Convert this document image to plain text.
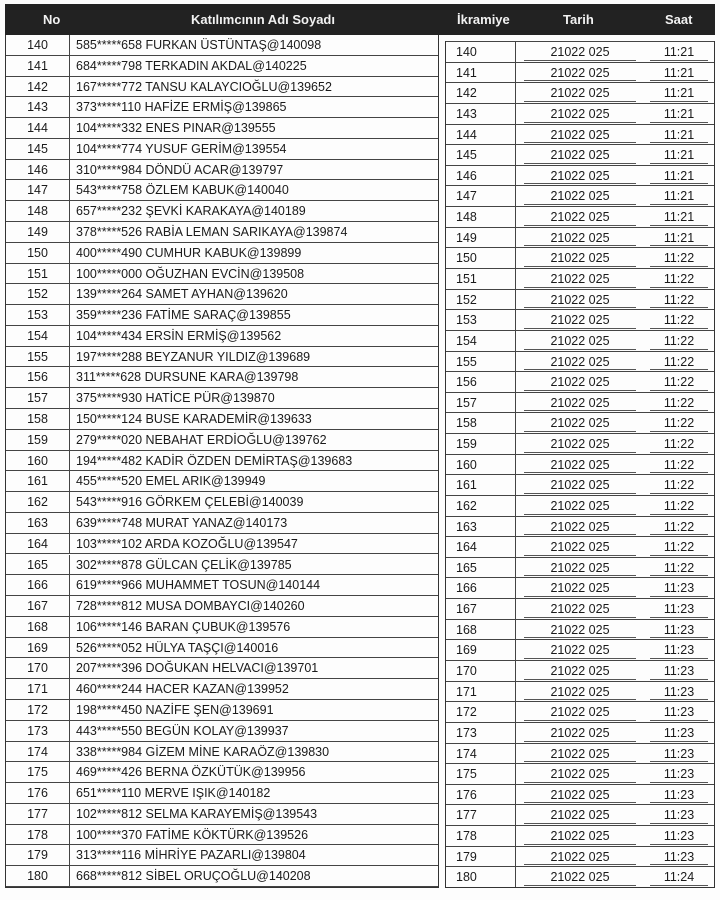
No	Katılımcının Adı Soyadı	İkramiye	Tarih	Saat
140	585*****658 FURKAN ÜSTÜNTAŞ@140098
141	684*****798 TERKADIN AKDAL@140225
142	167*****772 TANSU KALAYCIOĞLU@139652
143	373*****110 HAFİZE ERMİŞ@139865
144	104*****332 ENES PINAR@139555
145	104*****774 YUSUF GERİM@139554
146	310*****984 DÖNDÜ ACAR@139797
147	543*****758 ÖZLEM KABUK@140040
148	657*****232 ŞEVKİ KARAKAYA@140189
149	378*****526 RABİA LEMAN SARIKAYA@139874
150	400*****490 CUMHUR KABUK@139899
151	100*****000 OĞUZHAN EVCİN@139508
152	139*****264 SAMET AYHAN@139620
153	359*****236 FATİME SARAÇ@139855
154	104*****434 ERSİN ERMİŞ@139562
155	197*****288 BEYZANUR YILDIZ@139689
156	311*****628 DURSUNE KARA@139798
157	375*****930 HATİCE PÜR@139870
158	150*****124 BUSE KARADEMİR@139633
159	279*****020 NEBAHAT ERDİOĞLU@139762
160	194*****482 KADİR ÖZDEN DEMİRTAŞ@139683
161	455*****520 EMEL ARIK@139949
162	543*****916 GÖRKEM ÇELEBİ@140039
163	639*****748 MURAT YANAZ@140173
164	103*****102 ARDA KOZOĞLU@139547
165	302*****878 GÜLCAN ÇELİK@139785
166	619*****966 MUHAMMET TOSUN@140144
167	728*****812 MUSA DOMBAYCI@140260
168	106*****146 BARAN ÇUBUK@139576
169	526*****052 HÜLYA TAŞÇI@140016
170	207*****396 DOĞUKAN HELVACI@139701
171	460*****244 HACER KAZAN@139952
172	198*****450 NAZİFE ŞEN@139691
173	443*****550 BEGÜN KOLAY@139937
174	338*****984 GİZEM MİNE KARAÖZ@139830
175	469*****426 BERNA ÖZKÜTÜK@139956
176	651*****110 MERVE IŞIK@140182
177	102*****812 SELMA KARAYEMİŞ@139543
178	100*****370 FATİME KÖKTÜRK@139526
179	313*****116 MİHRİYE PAZARLI@139804
180	668*****812 SİBEL ORUÇOĞLU@140208
140	21022 025	11:21
141	21022 025	11:21
142	21022 025	11:21
143	21022 025	11:21
144	21022 025	11:21
145	21022 025	11:21
146	21022 025	11:21
147	21022 025	11:21
148	21022 025	11:21
149	21022 025	11:21
150	21022 025	11:22
151	21022 025	11:22
152	21022 025	11:22
153	21022 025	11:22
154	21022 025	11:22
155	21022 025	11:22
156	21022 025	11:22
157	21022 025	11:22
158	21022 025	11:22
159	21022 025	11:22
160	21022 025	11:22
161	21022 025	11:22
162	21022 025	11:22
163	21022 025	11:22
164	21022 025	11:22
165	21022 025	11:22
166	21022 025	11:23
167	21022 025	11:23
168	21022 025	11:23
169	21022 025	11:23
170	21022 025	11:23
171	21022 025	11:23
172	21022 025	11:23
173	21022 025	11:23
174	21022 025	11:23
175	21022 025	11:23
176	21022 025	11:23
177	21022 025	11:23
178	21022 025	11:23
179	21022 025	11:23
180	21022 025	11:24
